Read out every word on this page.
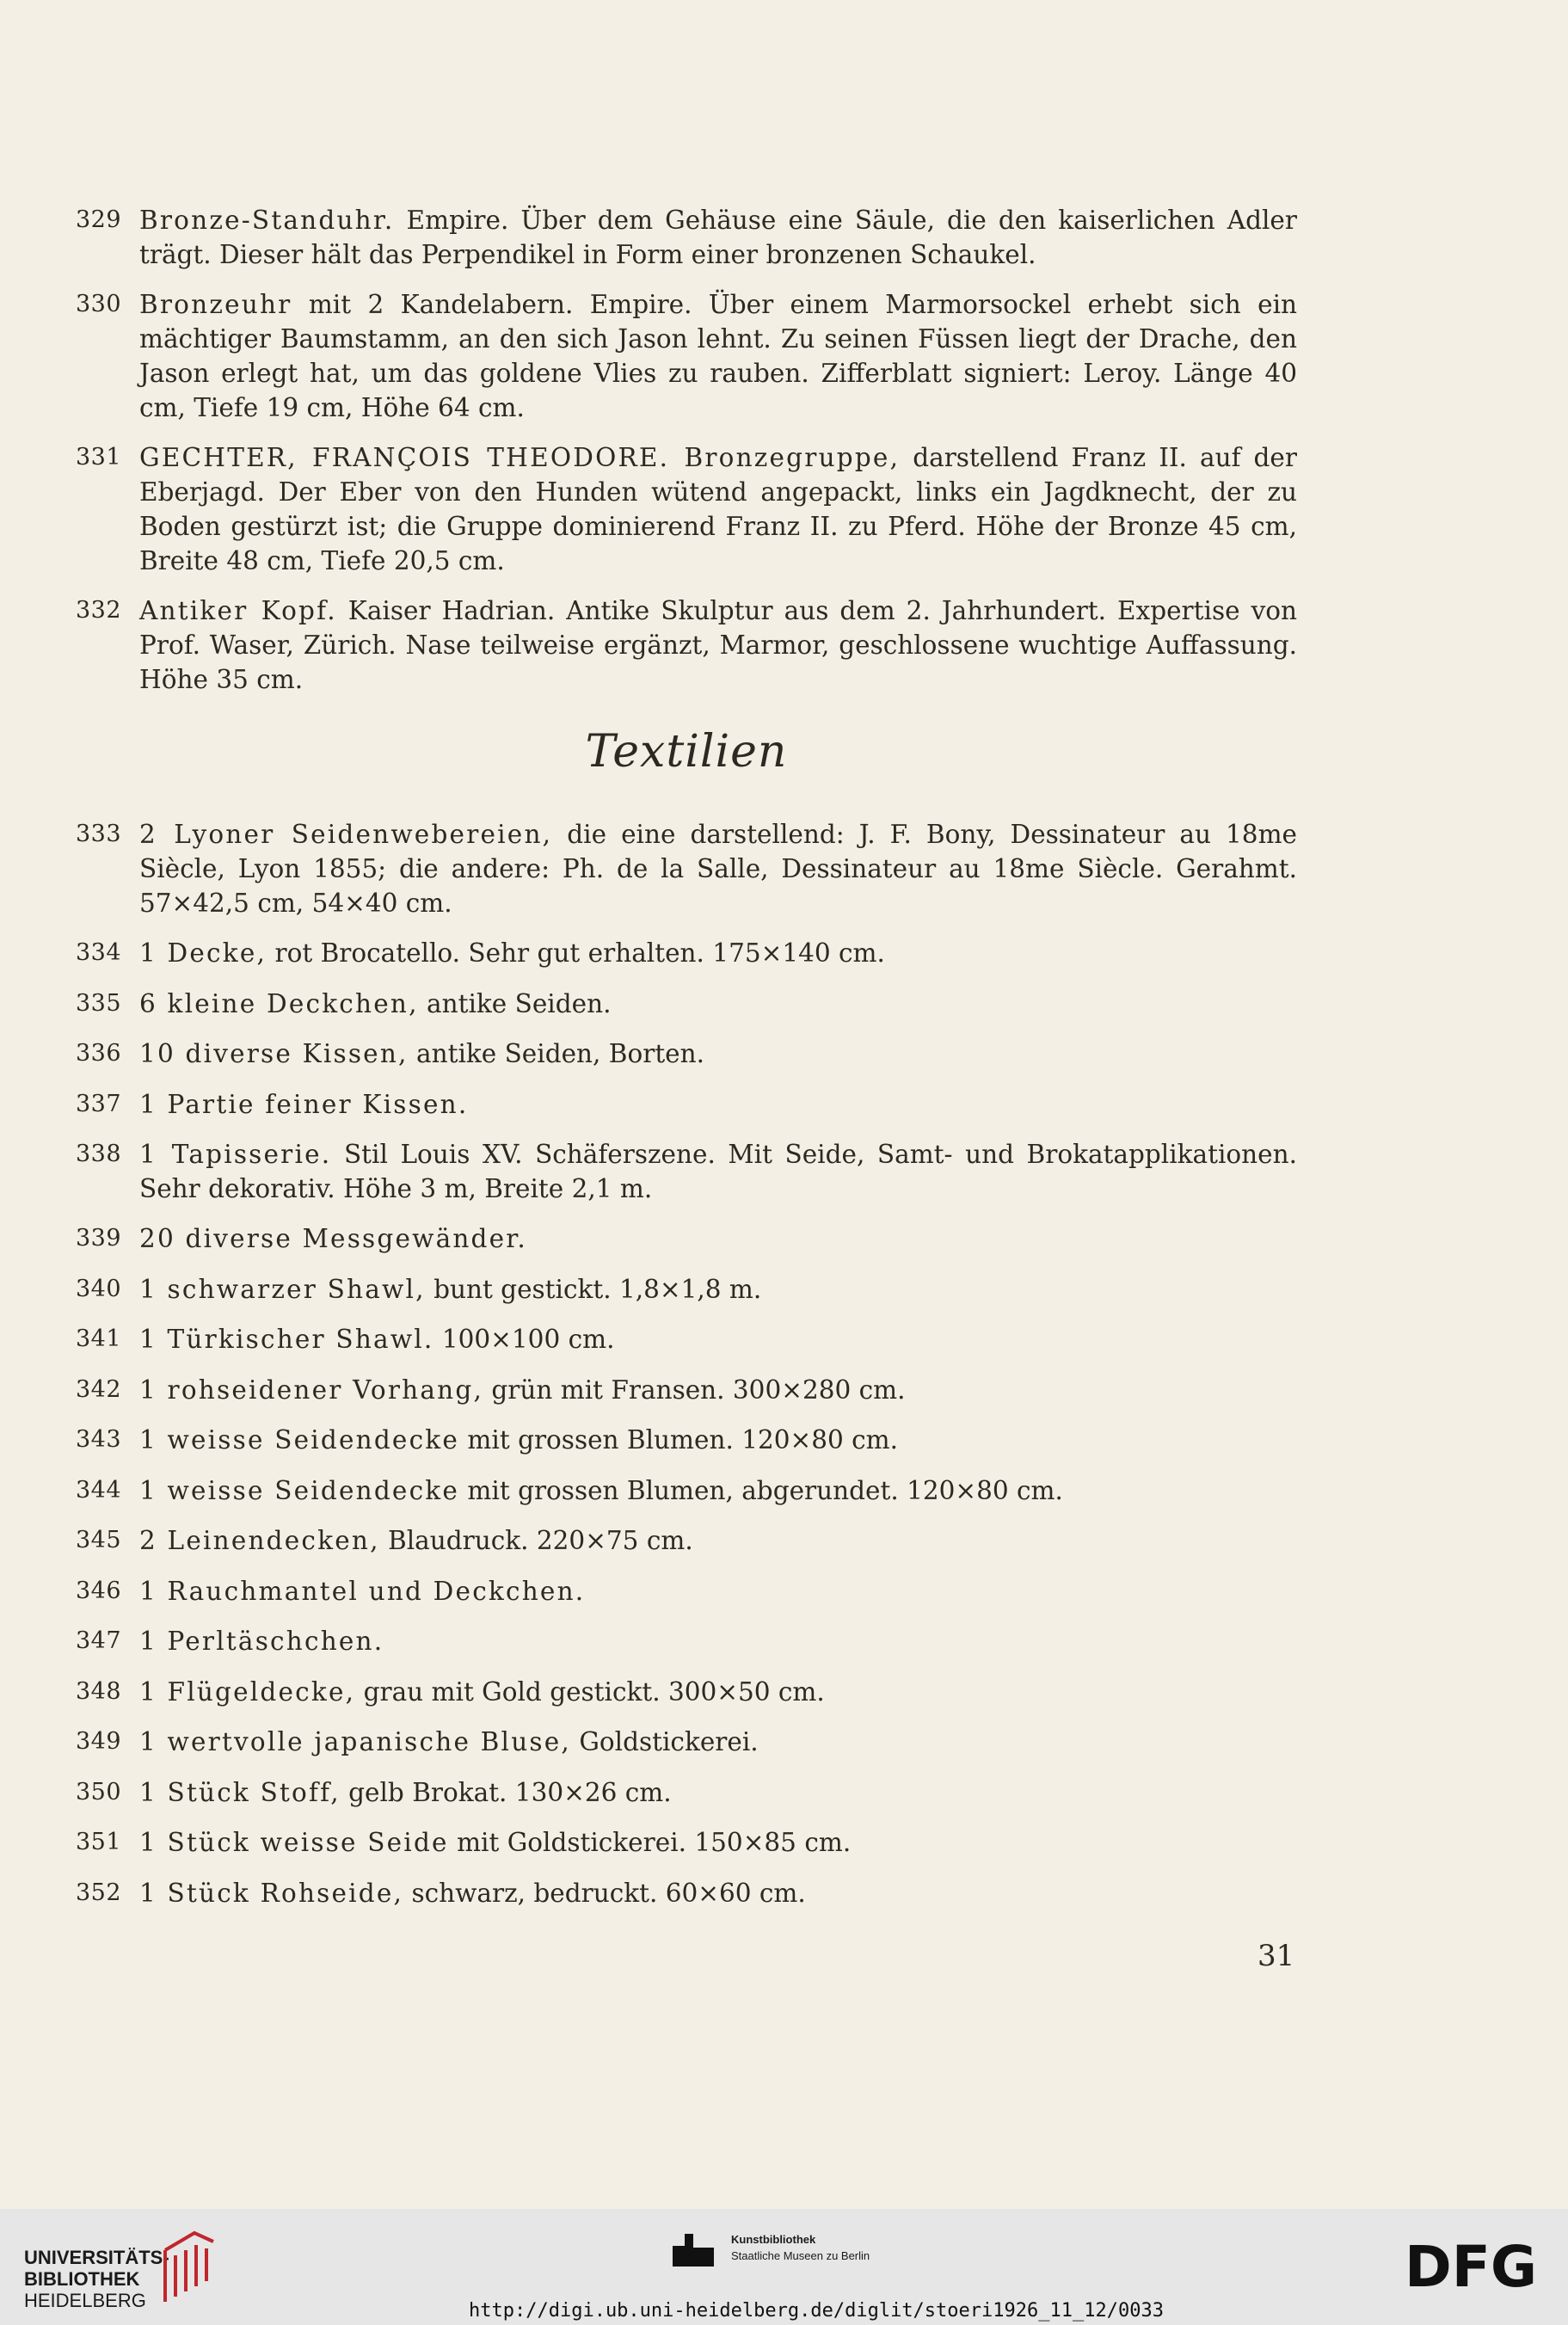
329 Bronze-Standuhr. Empire. Über dem Gehäuse eine Säule, die den kaiserlichen Adler trägt. Dieser hält das Perpendikel in Form einer bronzenen Schaukel.
330 Bronzeuhr mit 2 Kandelabern. Empire. Über einem Marmorsockel erhebt sich ein mächtiger Baumstamm, an den sich Jason lehnt. Zu seinen Füssen liegt der Drache, den Jason erlegt hat, um das goldene Vlies zu rauben. Zifferblatt signiert: Leroy. Länge 40 cm, Tiefe 19 cm, Höhe 64 cm.
331 GECHTER, FRANÇOIS THEODORE. Bronzegruppe, darstellend Franz II. auf der Eberjagd. Der Eber von den Hunden wütend angepackt, links ein Jagdknecht, der zu Boden gestürzt ist; die Gruppe dominierend Franz II. zu Pferd. Höhe der Bronze 45 cm, Breite 48 cm, Tiefe 20,5 cm.
332 Antiker Kopf. Kaiser Hadrian. Antike Skulptur aus dem 2. Jahrhundert. Expertise von Prof. Waser, Zürich. Nase teilweise ergänzt, Marmor, geschlossene wuchtige Auffassung. Höhe 35 cm.
Textilien
333 2 Lyoner Seidenwebereien, die eine darstellend: J. F. Bony, Dessinateur au 18me Siècle, Lyon 1855; die andere: Ph. de la Salle, Dessinateur au 18me Siècle. Gerahmt. 57×42,5 cm, 54×40 cm.
334 1 Decke, rot Brocatello. Sehr gut erhalten. 175×140 cm.
335 6 kleine Deckchen, antike Seiden.
336 10 diverse Kissen, antike Seiden, Borten.
337 1 Partie feiner Kissen.
338 1 Tapisserie. Stil Louis XV. Schäferszene. Mit Seide, Samt- und Brokatapplikationen. Sehr dekorativ. Höhe 3 m, Breite 2,1 m.
339 20 diverse Messgewänder.
340 1 schwarzer Shawl, bunt gestickt. 1,8×1,8 m.
341 1 Türkischer Shawl. 100×100 cm.
342 1 rohseidener Vorhang, grün mit Fransen. 300×280 cm.
343 1 weisse Seidendecke mit grossen Blumen. 120×80 cm.
344 1 weisse Seidendecke mit grossen Blumen, abgerundet. 120×80 cm.
345 2 Leinendecken, Blaudruck. 220×75 cm.
346 1 Rauchmantel und Deckchen.
347 1 Perltäschchen.
348 1 Flügeldecke, grau mit Gold gestickt. 300×50 cm.
349 1 wertvolle japanische Bluse, Goldstickerei.
350 1 Stück Stoff, gelb Brokat. 130×26 cm.
351 1 Stück weisse Seide mit Goldstickerei. 150×85 cm.
352 1 Stück Rohseide, schwarz, bedruckt. 60×60 cm.
31
UNIVERSITÄTS-
BIBLIOTHEK
HEIDELBERG
Kunstbibliothek
Staatliche Museen zu Berlin	DFG
http://digi.ub.uni-heidelberg.de/diglit/stoeri1926_11_12/0033
